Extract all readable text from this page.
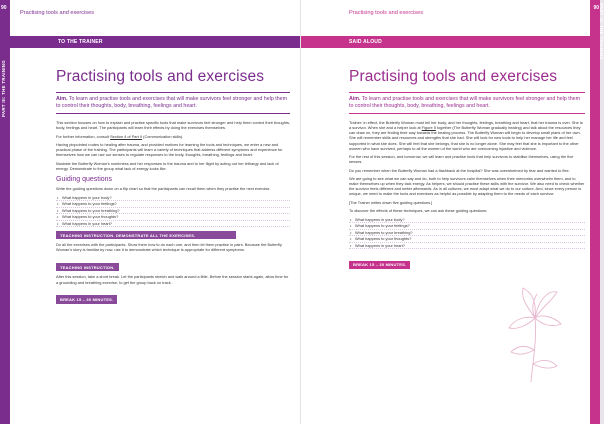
90
PART III: THE TRAINING
Practising tools and exercises
TO THE TRAINER
Practising tools and exercises
Aim. To learn and practise tools and exercises that will make survivors feel stronger and help them to control their thoughts, body, breathing, feelings and heart.

This section focuses on how to explain and practise specific tools that make survivors feel stronger and help them control their thoughts, body, feelings and heart. The participants will learn their effects by doing the exercises themselves.

For further information, consult Section 4 of Part II (Communication skills).

Having pinpointed routes to healing after trauma, and provided motives for learning the tools and techniques, we enter a new and practical phase of the training. The participants will learn a variety of techniques that address different symptoms and experience for themselves how we can use our senses to regulate responses to the body, thoughts, breathing, feelings and heart.

Illustrate the Butterfly Woman's numbness and her responses to the trauma and to her flight by acting out her lethargy and lack of energy. Demonstrate to the group what lack of energy looks like.

Guiding questions

Write the guiding questions down on a flip chart so that the participants can recall them when they practise the next exercise.

• What happens in your body?
• What happens to your feelings?
• What happens to your breathing?
• What happens to your thoughts?
• What happens in your heart?
TEACHING INSTRUCTION. DEMONSTRATE ALL THE EXERCISES.

Do all the exercises with the participants. Show them how to do each one, and then let them practise in pairs. Because the Butterfly Woman's story is familiar by now, use it to demonstrate which technique is appropriate for different symptoms.

TEACHING INSTRUCTION.

After this session, take a short break. Let the participants stretch and walk around a little. Before the session starts again, allow time for a grounding and breathing exercise, to get the group back on track.

BREAK 15 – 30 MINUTES.
90 PART III: THE TRAINING
Practising tools and exercises
SAID ALOUD
Practising tools and exercises
Aim. To learn and practise tools and exercises that will make survivors feel stronger and help them to control their thoughts, body, breathing, feelings and heart.

Trainer: In effect, the Butterfly Woman must tell her body, and her thoughts, feelings, breathing and heart, that her trauma is over. She is a survivor. When she and a helper look at Figure 5 together (The Butterfly Woman gradually healing) and talk about the resources they can draw on, they are finding their way towards the healing process. The Butterfly Woman will begin to develop small plans of her own. She will remember skills and resources and strengths that she had. She will look for new tools to help her manage her life and feel supported in what she does. She will feel that she belongs, that she is no longer alone. She may feel that she is important to the other women who have survived, perhaps to all the women of the world who are overcoming injustice and violence.

For the rest of this session, and tomorrow, we will learn and practise tools that help survivors to stabilise themselves, using the five senses.

Do you remember when the Butterfly Woman had a flashback at the hospital? She was overwhelmed by fear and wanted to flee.

We are going to see what we can say and do, both to help survivors calm themselves when their memories overwhelm them, and to make themselves up when they lack energy. As helpers, we should practise these skills with the survivor. We also need to check whether the survivor feels different and better afterwards. As in all cultures, we must adapt what we do to our culture. And, since every person is unique, we need to make the tools and exercises as helpful as possible by adapting them to the needs of each survivor.

[The Trainer writes down five guiding questions.]

To discover the effects of these techniques, we can ask these guiding questions:

• What happens in your body?
• What happens to your feelings?
• What happens to your breathing?
• What happens to your thoughts?
• What happens in your heart?
BREAK 15 – 30 MINUTES.
